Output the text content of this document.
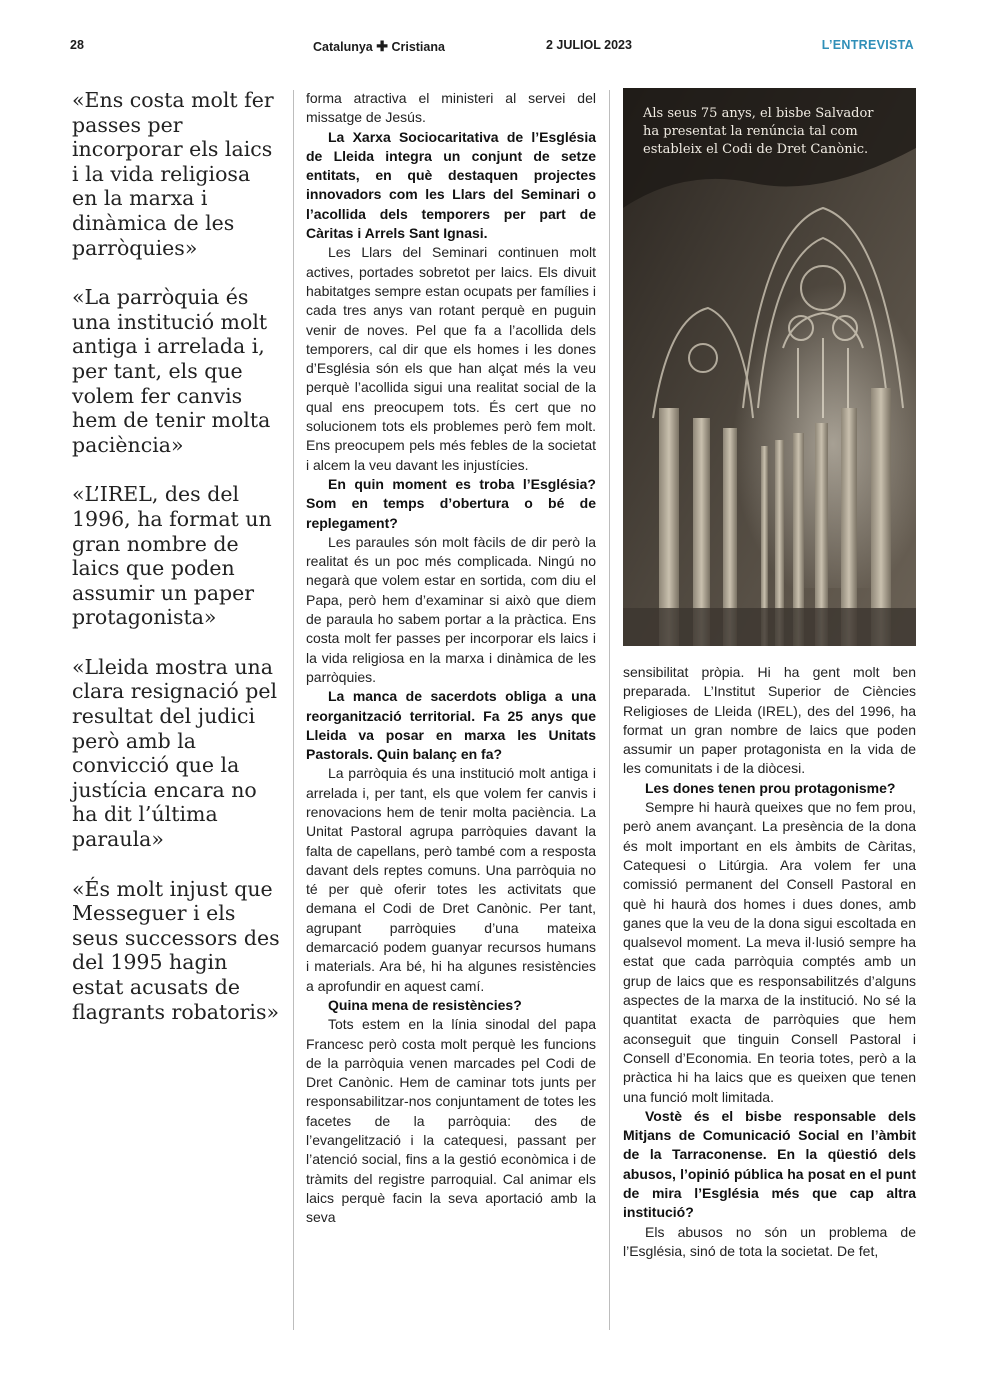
28	Catalunya ✚ Cristiana	2 JULIOL 2023	L’ENTREVISTA

«Ens costa molt fer passes per incorporar els laics i la vida religiosa en la marxa i dinàmica de les parròquies»

«La parròquia és una institució molt antiga i arrelada i, per tant, els que volem fer canvis hem de tenir molta paciència»

«L’IREL, des del 1996, ha format un gran nombre de laics que poden assumir un paper protagonista»

«Lleida mostra una clara resignació pel resultat del judici però amb la convicció que la justícia encara no ha dit l’última paraula»

«És molt injust que Messeguer i els seus successors des del 1995 hagin estat acusats de flagrants robatoris»

forma atractiva el ministeri al servei del missatge de Jesús.

La Xarxa Sociocaritativa de l’Església de Lleida integra un conjunt de setze entitats, en què destaquen projectes innovadors com les Llars del Seminari o l’acollida dels temporers per part de Càritas i Arrels Sant Ignasi.

Les Llars del Seminari continuen molt actives, portades sobretot per laics. Els divuit habitatges sempre estan ocupats per famílies i cada tres anys van rotant perquè en puguin venir de noves. Pel que fa a l’acollida dels temporers, cal dir que els homes i les dones d’Església són els que han alçat més la veu perquè l’acollida sigui una realitat social de la qual ens preocupem tots. És cert que no solucionem tots els problemes però fem molt. Ens preocupem pels més febles de la societat i alcem la veu davant les injustícies.

En quin moment es troba l’Església? Som en temps d’obertura o bé de replegament?

Les paraules són molt fàcils de dir però la realitat és un poc més complicada. Ningú no negarà que volem estar en sortida, com diu el Papa, però hem d’examinar si això que diem de paraula ho sabem portar a la pràctica. Ens costa molt fer passes per incorporar els laics i la vida religiosa en la marxa i dinàmica de les parròquies.

La manca de sacerdots obliga a una reorganització territorial. Fa 25 anys que Lleida va posar en marxa les Unitats Pastorals. Quin balanç en fa?

La parròquia és una institució molt antiga i arrelada i, per tant, els que volem fer canvis i renovacions hem de tenir molta paciència. La Unitat Pastoral agrupa parròquies davant la falta de capellans, però també com a resposta davant dels reptes comuns. Una parròquia no té per què oferir totes les activitats que demana el Codi de Dret Canònic. Per tant, agrupant parròquies d’una mateixa demarcació podem guanyar recursos humans i materials. Ara bé, hi ha algunes resistències a aprofundir en aquest camí.

Quina mena de resistències?

Tots estem en la línia sinodal del papa Francesc però costa molt perquè les funcions de la parròquia venen marcades pel Codi de Dret Canònic. Hem de caminar tots junts per responsabilitzar-nos conjuntament de totes les facetes de la parròquia: des de l’evangelització i la catequesi, passant per l’atenció social, fins a la gestió econòmica i de tràmits del registre parroquial. Cal animar els laics perquè facin la seva aportació amb la seva

Als seus 75 anys, el bisbe Salvador ha presentat la renúncia tal com estableix el Codi de Dret Canònic.

sensibilitat pròpia. Hi ha gent molt ben preparada. L’Institut Superior de Ciències Religioses de Lleida (IREL), des del 1996, ha format un gran nombre de laics que poden assumir un paper protagonista en la vida de les comunitats i de la diòcesi.

Les dones tenen prou protagonisme?

Sempre hi haurà queixes que no fem prou, però anem avançant. La presència de la dona és molt important en els àmbits de Càritas, Catequesi o Litúrgia. Ara volem fer una comissió permanent del Consell Pastoral en què hi haurà dos homes i dues dones, amb ganes que la veu de la dona sigui escoltada en qualsevol moment. La meva il·lusió sempre ha estat que cada parròquia comptés amb un grup de laics que es responsabilitzés d’alguns aspectes de la marxa de la institució. No sé la quantitat exacta de parròquies que hem aconseguit que tinguin Consell Pastoral i Consell d’Economia. En teoria totes, però a la pràctica hi ha laics que es queixen que tenen una funció molt limitada.

Vostè és el bisbe responsable dels Mitjans de Comunicació Social en l’àmbit de la Tarraconense. En la qüestió dels abusos, l’opinió pública ha posat en el punt de mira l’Església més que cap altra institució?

Els abusos no són un problema de l’Església, sinó de tota la societat. De fet,
